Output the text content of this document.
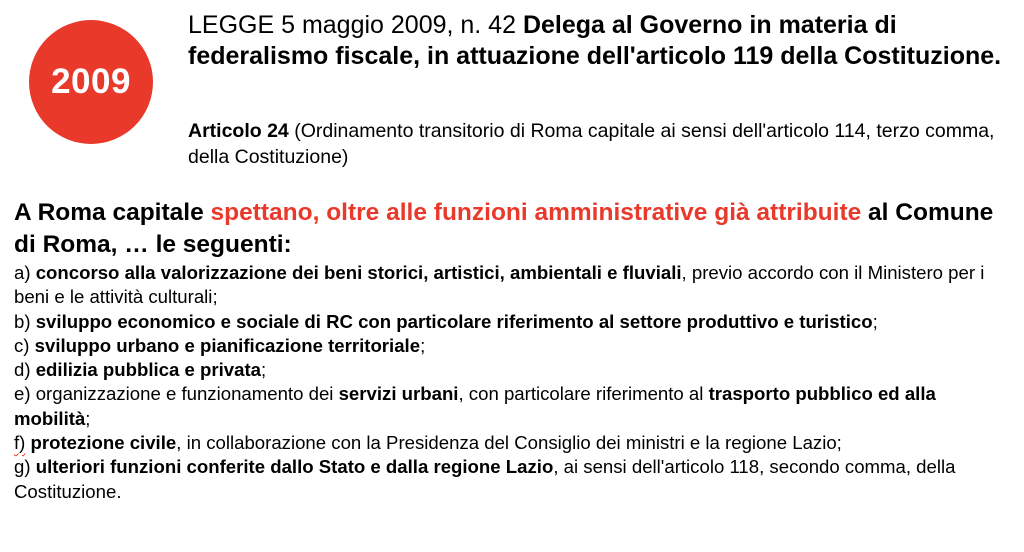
2009
LEGGE 5 maggio 2009, n. 42 Delega al Governo in materia di federalismo fiscale, in attuazione dell'articolo 119 della Costituzione.
Articolo 24 (Ordinamento transitorio di Roma capitale ai sensi dell'articolo 114, terzo comma, della Costituzione)
A Roma capitale spettano, oltre alle funzioni amministrative già attribuite al Comune di Roma, … le seguenti:

a) concorso alla valorizzazione dei beni storici, artistici, ambientali e fluviali, previo accordo con il Ministero per i beni e le attività culturali;

b) sviluppo economico e sociale di RC con particolare riferimento al settore produttivo e turistico;

c) sviluppo urbano e pianificazione territoriale;

d) edilizia pubblica e privata;

e) organizzazione e funzionamento dei servizi urbani, con particolare riferimento al trasporto pubblico ed alla mobilità;

f) protezione civile, in collaborazione con la Presidenza del Consiglio dei ministri e la regione Lazio;

g) ulteriori funzioni conferite dallo Stato e dalla regione Lazio, ai sensi dell'articolo 118, secondo comma, della Costituzione.
